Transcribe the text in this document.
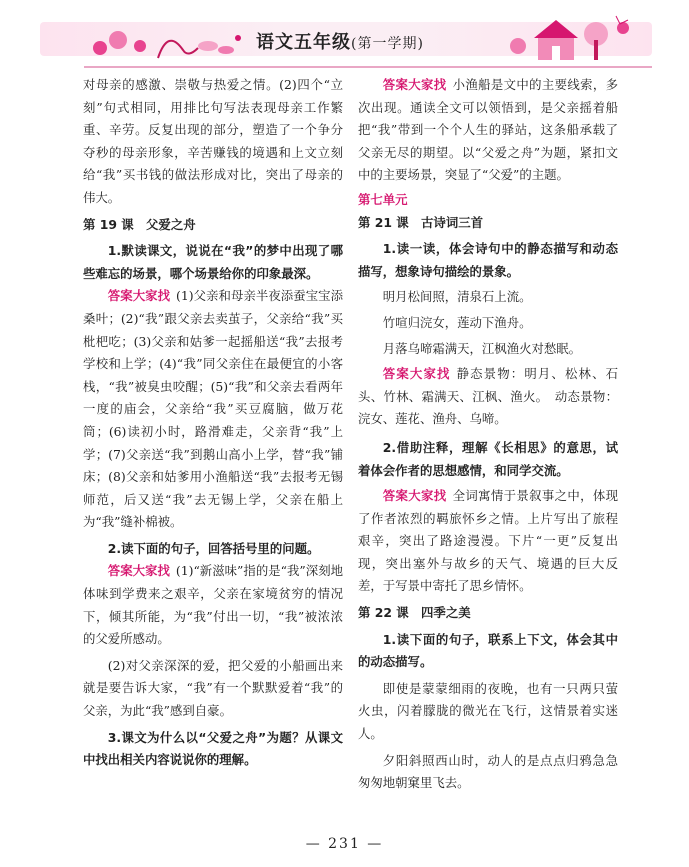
语文五年级(第一学期)

对母亲的感激、崇敬与热爱之情。(2)四个“立刻”句式相同，用排比句写法表现母亲工作繁重、辛劳。反复出现的部分，塑造了一个争分夺秒的母亲形象，辛苦赚钱的境遇和上文立刻给“我”买书钱的做法形成对比，突出了母亲的伟大。

第 19 课　父爱之舟

1.默读课文，说说在“我”的梦中出现了哪些难忘的场景，哪个场景给你的印象最深。

答案大家找 (1)父亲和母亲半夜添蚕宝宝添桑叶；(2)“我”跟父亲去卖茧子，父亲给“我”买枇杷吃；(3)父亲和姑爹一起摇船送“我”去报考学校和上学；(4)“我”同父亲住在最便宜的小客栈，“我”被臭虫咬醒；(5)“我”和父亲去看两年一度的庙会，父亲给“我”买豆腐脑，做万花筒；(6)读初小时，路滑难走，父亲背“我”上学；(7)父亲送“我”到鹅山高小上学，替“我”铺床；(8)父亲和姑爹用小渔船送“我”去报考无锡师范，后又送“我”去无锡上学，父亲在船上为“我”缝补棉被。

2.读下面的句子，回答括号里的问题。

答案大家找 (1)“新滋味”指的是“我”深刻地体味到学费来之艰辛，父亲在家境贫穷的情况下，倾其所能，为“我”付出一切，“我”被浓浓的父爱所感动。

(2)对父亲深深的爱，把父爱的小船画出来就是要告诉大家，“我”有一个默默爱着“我”的父亲，为此“我”感到自豪。

3.课文为什么以“父爱之舟”为题？从课文中找出相关内容说说你的理解。

答案大家找 小渔船是文中的主要线索，多次出现。通读全文可以领悟到，是父亲摇着船把“我”带到一个个人生的驿站，这条船承载了父亲无尽的期望。以“父爱之舟”为题，紧扣文中的主要场景，突显了“父爱”的主题。

第七单元

第 21 课　古诗词三首

1.读一读，体会诗句中的静态描写和动态描写，想象诗句描绘的景象。

明月松间照，清泉石上流。

竹喧归浣女，莲动下渔舟。

月落乌啼霜满天，江枫渔火对愁眠。

答案大家找 静态景物：明月、松林、石头、竹林、霜满天、江枫、渔火。　动态景物：浣女、莲花、渔舟、乌啼。

2.借助注释，理解《长相思》的意思，试着体会作者的思想感情，和同学交流。

答案大家找 全词寓情于景叙事之中，体现了作者浓烈的羁旅怀乡之情。上片写出了旅程艰辛，突出了路途漫漫。下片“一更”反复出现，突出塞外与故乡的天气、境遇的巨大反差，于写景中寄托了思乡情怀。

第 22 课　四季之美

1.读下面的句子，联系上下文，体会其中的动态描写。

即使是蒙蒙细雨的夜晚，也有一只两只萤火虫，闪着朦胧的微光在飞行，这情景着实迷人。

夕阳斜照西山时，动人的是点点归鸦急急匆匆地朝窠里飞去。

— 231 —
